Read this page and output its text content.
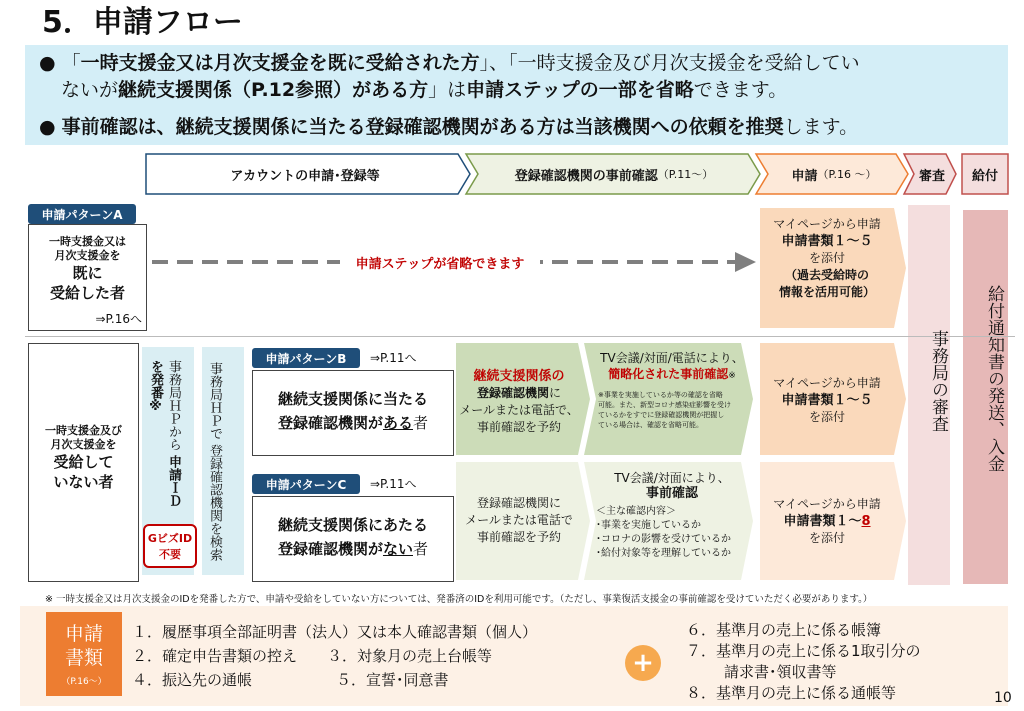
5．申請フロー
● 「一時支援金又は月次支援金を既に受給された方」、「一時支援金及び月次支援金を受給してい
ないが継続支援関係（P.12参照）がある方」は申請ステップの一部を省略できます。
● 事前確認は、継続支援関係に当たる登録確認機関がある方は当該機関への依頼を推奨します。
アカウントの申請･登録等	登録確認機関の事前確認 （P.11～）	申請 （P.16 ～）	審査	給付
事務局の審査	給付通知書の発送、入金
申請パターンA
一時支援金又は
月次支援金を
既に
受給した者
⇒P.16へ
申請ステップが省略できます
マイページから申請
申請書類１～５
を添付
（過去受給時の
情報を活用可能）
一時支援金及び
月次支援金を
受給して
いない者
事務局ＨＰから 申請ＩＤを発番※
GビズID
不要
事務局ＨＰで 登録確認機関を検索
申請パターンB	⇒P.11へ
継続支援関係に当たる
登録確認機関がある者
継続支援関係の
登録確認機関に
メールまたは電話で、
事前確認を予約
TV会議/対面/電話により、
簡略化された事前確認※
※事業を実施しているか等の確認を省略
可能。また、新型コロナ感染症影響を受け
ているかをすでに登録確認機関が把握し
ている場合は、確認を省略可能。
マイページから申請
申請書類１～５
を添付
申請パターンC	⇒P.11へ
継続支援関係にあたる
登録確認機関がない者
登録確認機関に
メールまたは電話で
事前確認を予約
TV会議/対面により、
事前確認
＜主な確認内容＞
･事業を実施しているか
･コロナの影響を受けているか
･給付対象等を理解しているか
マイページから申請
申請書類１～8
を添付
※ 一時支援金又は月次支援金のIDを発番した方で、申請や受給をしていない方については、発番済のIDを利用可能です。（ただし、事業復活支援金の事前確認を受けていただく必要があります。）
申請
書類
（P.16～）
１．履歴事項全部証明書（法人）又は本人確認書類（個人）
２．確定申告書類の控え ３．対象月の売上台帳等
４．振込先の通帳	５．宣誓･同意書
+
６．基準月の売上に係る帳簿
７．基準月の売上に係る1取引分の
請求書･領収書等
８．基準月の売上に係る通帳等	10
